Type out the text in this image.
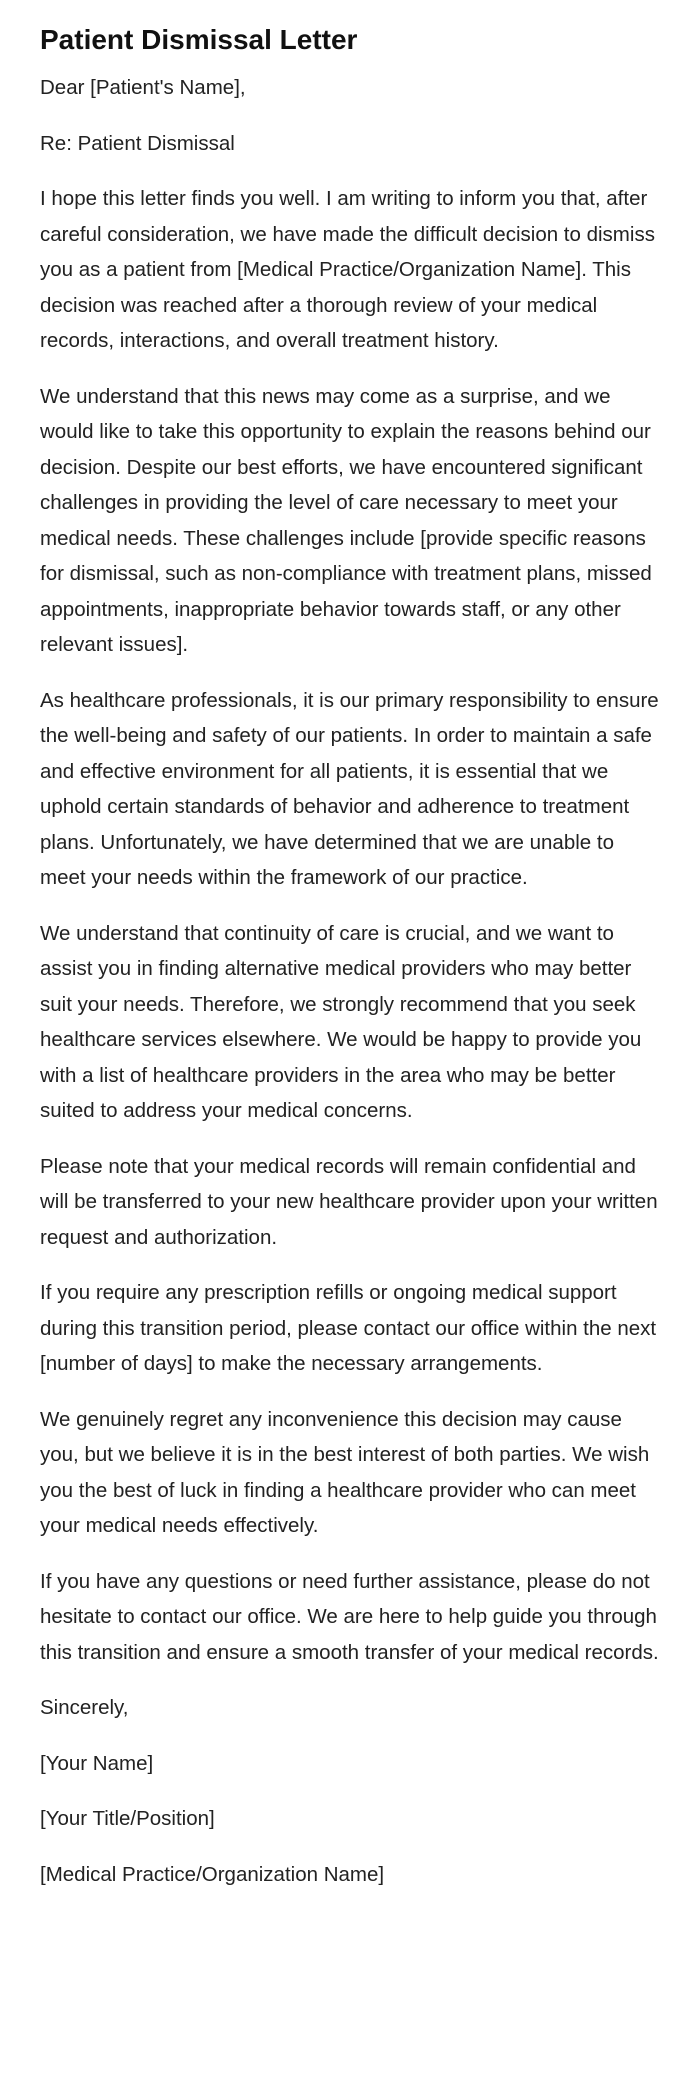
Patient Dismissal Letter

Dear [Patient's Name],

Re: Patient Dismissal

I hope this letter finds you well. I am writing to inform you that, after careful consideration, we have made the difficult decision to dismiss you as a patient from [Medical Practice/Organization Name]. This decision was reached after a thorough review of your medical records, interactions, and overall treatment history.

We understand that this news may come as a surprise, and we would like to take this opportunity to explain the reasons behind our decision. Despite our best efforts, we have encountered significant challenges in providing the level of care necessary to meet your medical needs. These challenges include [provide specific reasons for dismissal, such as non-compliance with treatment plans, missed appointments, inappropriate behavior towards staff, or any other relevant issues].

As healthcare professionals, it is our primary responsibility to ensure the well-being and safety of our patients. In order to maintain a safe and effective environment for all patients, it is essential that we uphold certain standards of behavior and adherence to treatment plans. Unfortunately, we have determined that we are unable to meet your needs within the framework of our practice.

We understand that continuity of care is crucial, and we want to assist you in finding alternative medical providers who may better suit your needs. Therefore, we strongly recommend that you seek healthcare services elsewhere. We would be happy to provide you with a list of healthcare providers in the area who may be better suited to address your medical concerns.

Please note that your medical records will remain confidential and will be transferred to your new healthcare provider upon your written request and authorization.

If you require any prescription refills or ongoing medical support during this transition period, please contact our office within the next [number of days] to make the necessary arrangements.

We genuinely regret any inconvenience this decision may cause you, but we believe it is in the best interest of both parties. We wish you the best of luck in finding a healthcare provider who can meet your medical needs effectively.

If you have any questions or need further assistance, please do not hesitate to contact our office. We are here to help guide you through this transition and ensure a smooth transfer of your medical records.

Sincerely,

[Your Name]

[Your Title/Position]

[Medical Practice/Organization Name]
